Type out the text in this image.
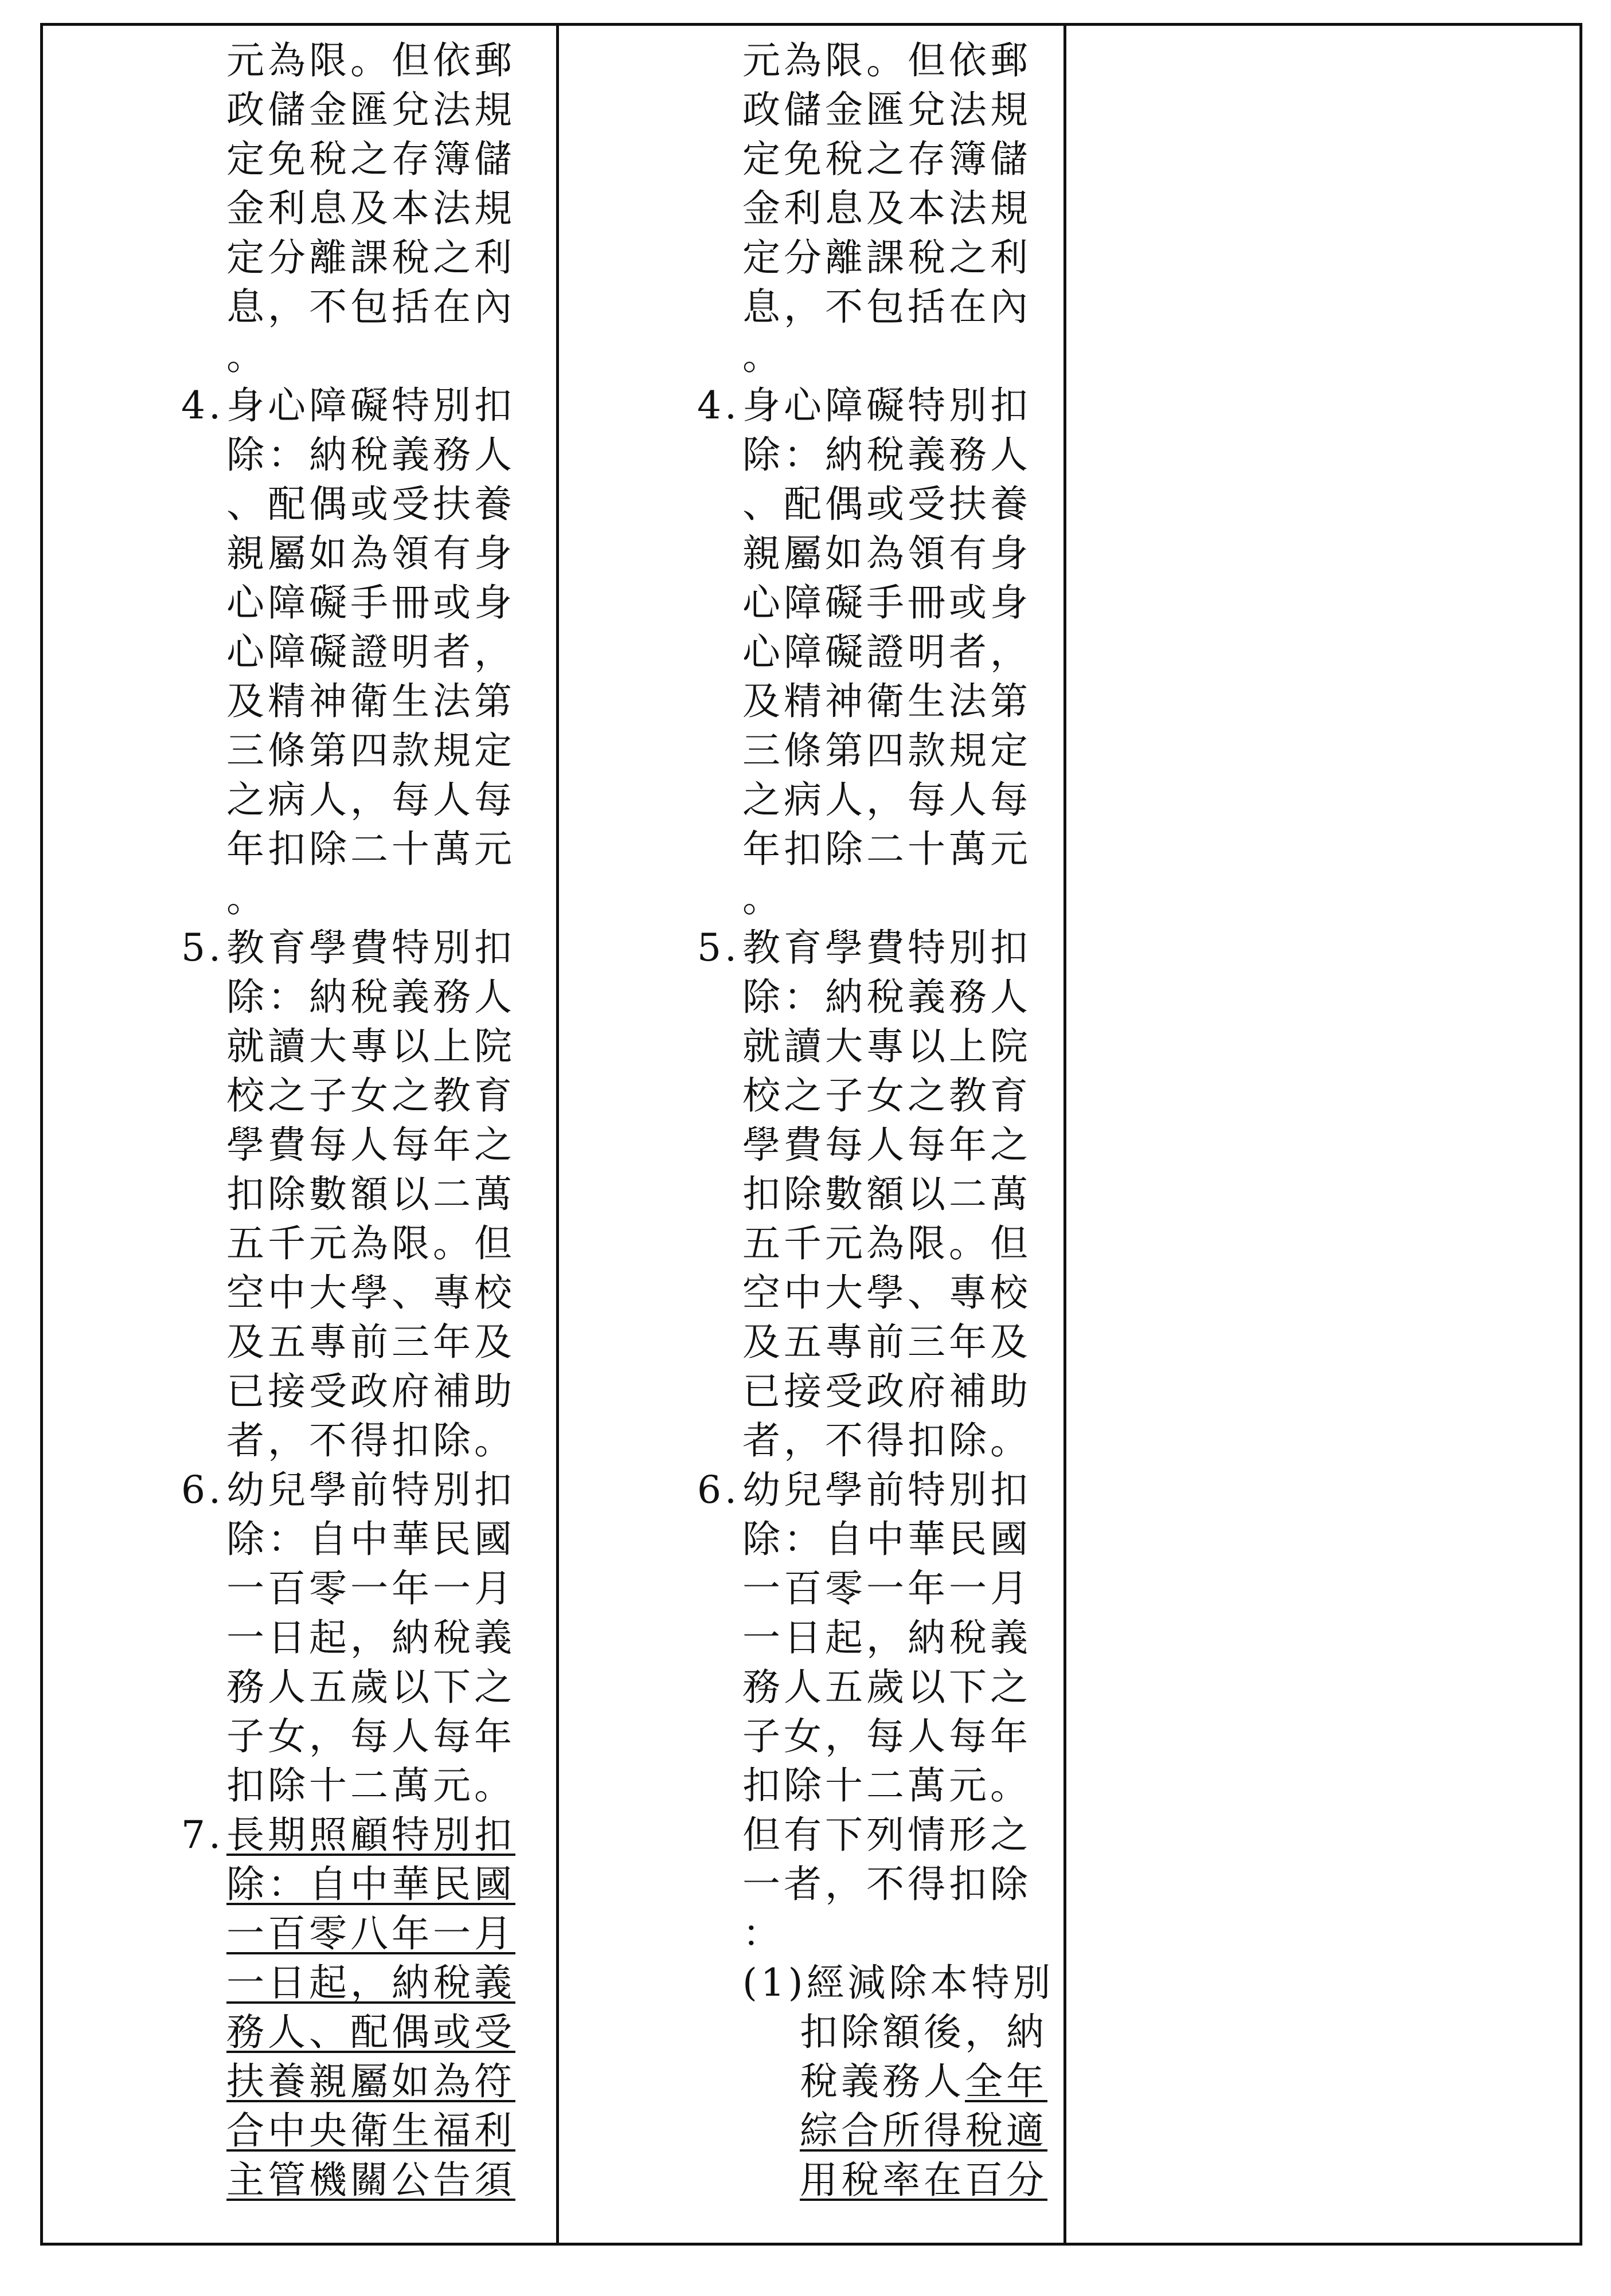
元為限。但依郵
政儲金匯兌法規
定免稅之存簿儲
金利息及本法規
定分離課稅之利
息，不包括在內
。
4.身心障礙特別扣
除：納稅義務人
、配偶或受扶養
親屬如為領有身
心障礙手冊或身
心障礙證明者，
及精神衛生法第
三條第四款規定
之病人，每人每
年扣除二十萬元
。
5.教育學費特別扣
除：納稅義務人
就讀大專以上院
校之子女之教育
學費每人每年之
扣除數額以二萬
五千元為限。但
空中大學、專校
及五專前三年及
已接受政府補助
者，不得扣除。
6.幼兒學前特別扣
除：自中華民國
一百零一年一月
一日起，納稅義
務人五歲以下之
子女，每人每年
扣除十二萬元。
7.長期照顧特別扣
除：自中華民國
一百零八年一月
一日起，納稅義
務人、配偶或受
扶養親屬如為符
合中央衛生福利
主管機關公告須
元為限。但依郵
政儲金匯兌法規
定免稅之存簿儲
金利息及本法規
定分離課稅之利
息，不包括在內
。
4.身心障礙特別扣
除：納稅義務人
、配偶或受扶養
親屬如為領有身
心障礙手冊或身
心障礙證明者，
及精神衛生法第
三條第四款規定
之病人，每人每
年扣除二十萬元
。
5.教育學費特別扣
除：納稅義務人
就讀大專以上院
校之子女之教育
學費每人每年之
扣除數額以二萬
五千元為限。但
空中大學、專校
及五專前三年及
已接受政府補助
者，不得扣除。
6.幼兒學前特別扣
除：自中華民國
一百零一年一月
一日起，納稅義
務人五歲以下之
子女，每人每年
扣除十二萬元。
但有下列情形之
一者，不得扣除
：
(1)經減除本特別
扣除額後，納
稅義務人全年
綜合所得稅適
用稅率在百分
